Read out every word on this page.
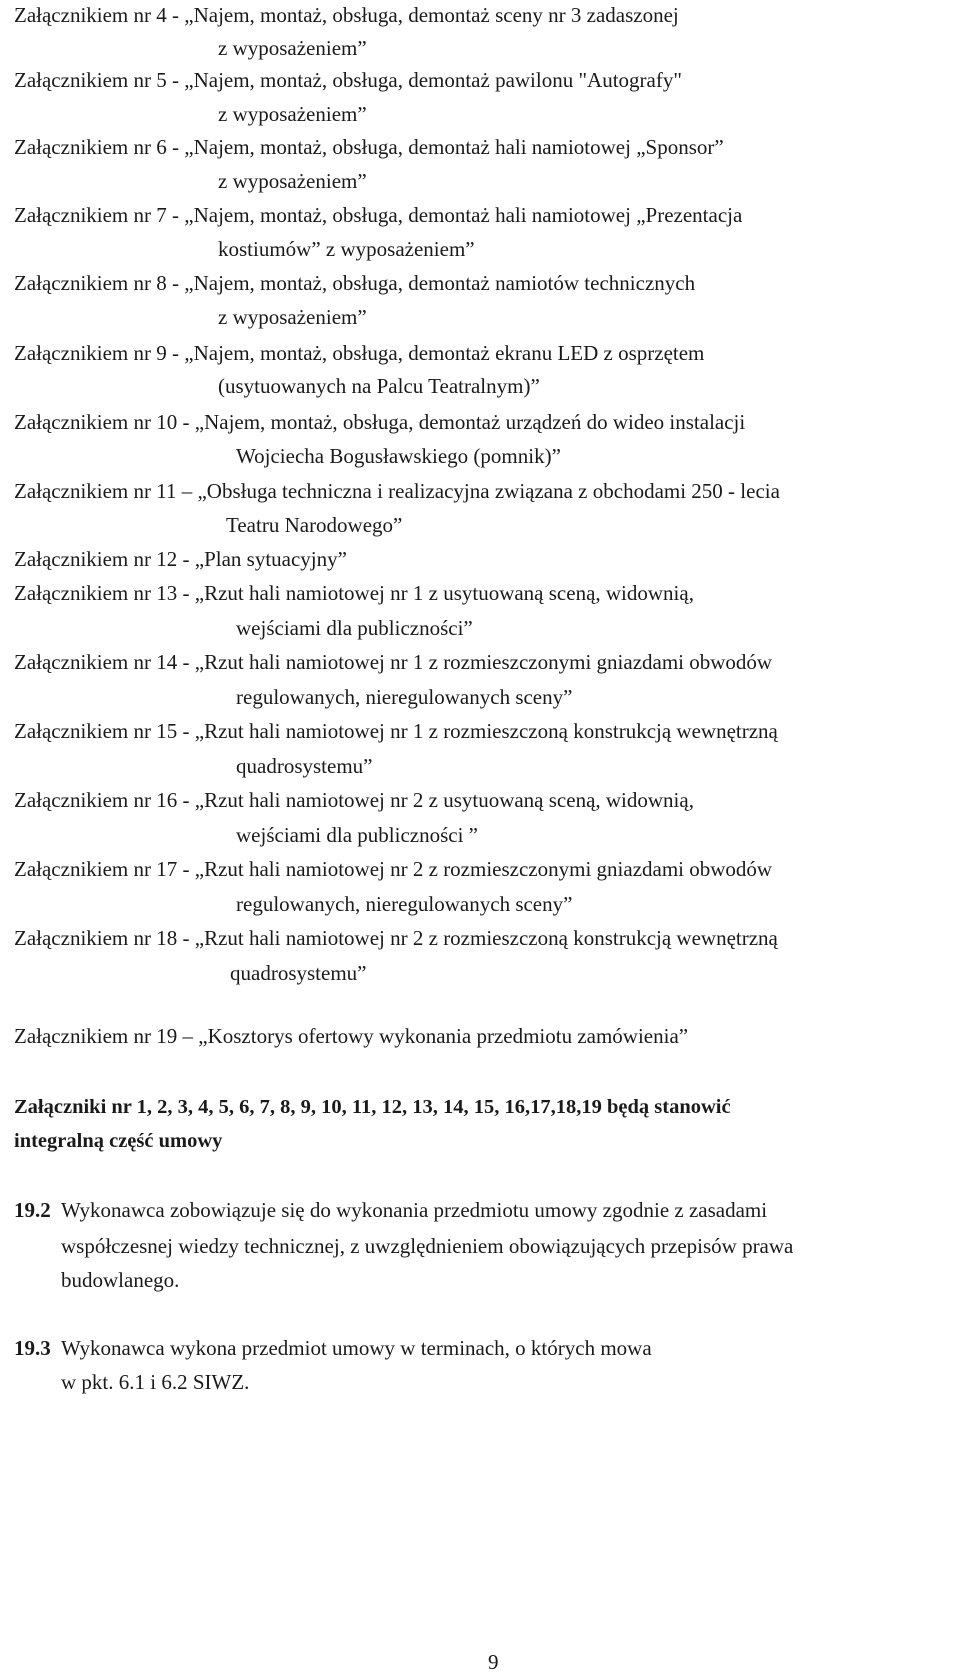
Załącznikiem nr 4 - „Najem, montaż, obsługa, demontaż sceny nr 3 zadaszonej
z wyposażeniem”
Załącznikiem nr 5 - „Najem, montaż, obsługa, demontaż pawilonu "Autografy"
z wyposażeniem”
Załącznikiem nr 6 - „Najem, montaż, obsługa, demontaż hali namiotowej „Sponsor”
z wyposażeniem”
Załącznikiem nr 7 - „Najem, montaż, obsługa, demontaż hali namiotowej „Prezentacja
kostiumów” z wyposażeniem”
Załącznikiem nr 8 - „Najem, montaż, obsługa, demontaż namiotów technicznych
z wyposażeniem”
Załącznikiem nr 9 - „Najem, montaż, obsługa, demontaż ekranu LED z osprzętem
(usytuowanych na Palcu Teatralnym)”
Załącznikiem nr 10 - „Najem, montaż, obsługa, demontaż urządzeń do wideo instalacji
Wojciecha Bogusławskiego (pomnik)”
Załącznikiem nr 11 – „Obsługa techniczna i realizacyjna związana z obchodami 250 - lecia
Teatru Narodowego”
Załącznikiem nr 12 - „Plan sytuacyjny”
Załącznikiem nr 13 - „Rzut hali namiotowej nr 1 z usytuowaną sceną, widownią,
wejściami dla publiczności”
Załącznikiem nr 14 - „Rzut hali namiotowej nr 1 z rozmieszczonymi gniazdami obwodów
regulowanych, nieregulowanych sceny”
Załącznikiem nr 15 - „Rzut hali namiotowej nr 1 z rozmieszczoną konstrukcją wewnętrzną
quadrosystemu”
Załącznikiem nr 16 - „Rzut hali namiotowej nr 2 z usytuowaną sceną, widownią,
wejściami dla publiczności ”
Załącznikiem nr 17 - „Rzut hali namiotowej nr 2 z rozmieszczonymi gniazdami obwodów
regulowanych, nieregulowanych sceny”
Załącznikiem nr 18 - „Rzut hali namiotowej nr 2 z rozmieszczoną konstrukcją wewnętrzną
quadrosystemu”
Załącznikiem nr 19 – „Kosztorys ofertowy wykonania przedmiotu zamówienia”
Załączniki nr 1, 2, 3, 4, 5, 6, 7, 8, 9, 10, 11, 12, 13, 14, 15, 16,17,18,19 będą stanowić
integralną część umowy
19.2 Wykonawca zobowiązuje się do wykonania przedmiotu umowy zgodnie z zasadami
współczesnej wiedzy technicznej, z uwzględnieniem obowiązujących przepisów prawa
budowlanego.
19.3 Wykonawca wykona przedmiot umowy w terminach, o których mowa
w pkt. 6.1 i 6.2 SIWZ.
9
